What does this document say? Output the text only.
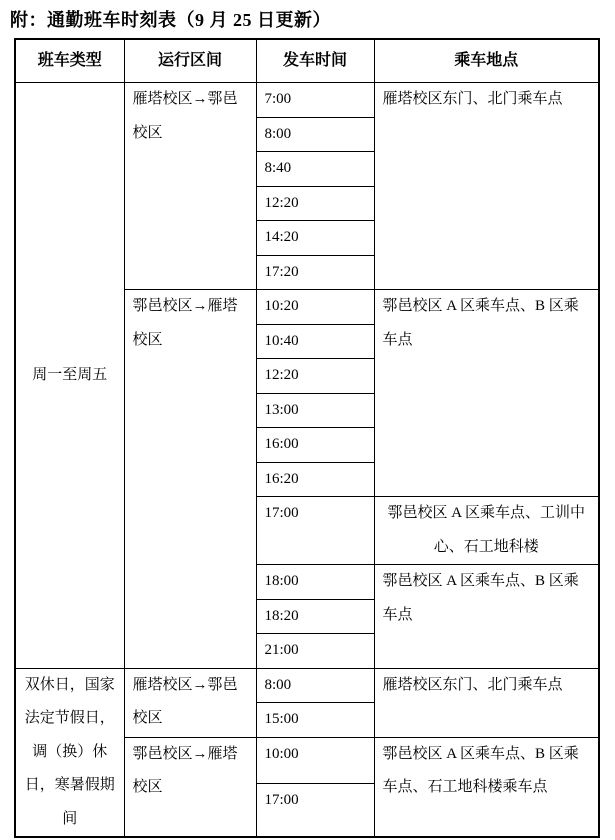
附：通勤班车时刻表（9 月 25 日更新）
班车类型	运行区间	发车时间	乘车地点
周一至周五	雁塔校区→鄠邑校区	7:00	雁塔校区东门、北门乘车点
		8:00	
		8:40	
		12:20	
		14:20	
		17:20	
	鄠邑校区→雁塔校区	10:20	鄠邑校区 A 区乘车点、B 区乘车点
		10:40	
		12:20	
		13:00	
		16:00	
		16:20	
		17:00	鄠邑校区 A 区乘车点、工训中心、石工地科楼
		18:00	鄠邑校区 A 区乘车点、B 区乘车点
		18:20	
		21:00	
双休日，国家法定节假日，调（换）休日，寒暑假期间	雁塔校区→鄠邑校区	8:00	雁塔校区东门、北门乘车点
		15:00	
	鄠邑校区→雁塔校区	10:00	鄠邑校区 A 区乘车点、B 区乘车点、石工地科楼乘车点
		17:00	
